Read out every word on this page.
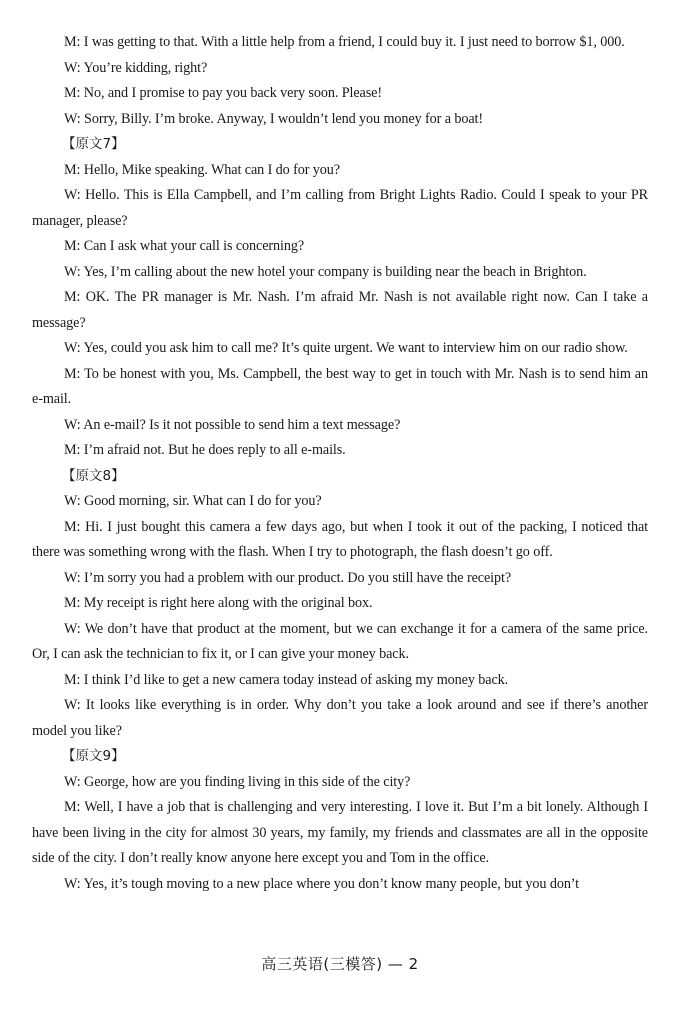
M: I was getting to that. With a little help from a friend, I could buy it. I just need to borrow $1, 000.

W: You’re kidding, right?

M: No, and I promise to pay you back very soon. Please!

W: Sorry, Billy. I’m broke. Anyway, I wouldn’t lend you money for a boat!

【原文7】

M: Hello, Mike speaking. What can I do for you?

W: Hello. This is Ella Campbell, and I’m calling from Bright Lights Radio. Could I speak to your PR manager, please?

M: Can I ask what your call is concerning?

W: Yes, I’m calling about the new hotel your company is building near the beach in Brighton.

M: OK. The PR manager is Mr. Nash. I’m afraid Mr. Nash is not available right now. Can I take a message?

W: Yes, could you ask him to call me? It’s quite urgent. We want to interview him on our radio show.

M: To be honest with you, Ms. Campbell, the best way to get in touch with Mr. Nash is to send him an e-mail.

W: An e-mail? Is it not possible to send him a text message?

M: I’m afraid not. But he does reply to all e-mails.

【原文8】

W: Good morning, sir. What can I do for you?

M: Hi. I just bought this camera a few days ago, but when I took it out of the packing, I noticed that there was something wrong with the flash. When I try to photograph, the flash doesn’t go off.

W: I’m sorry you had a problem with our product. Do you still have the receipt?

M: My receipt is right here along with the original box.

W: We don’t have that product at the moment, but we can exchange it for a camera of the same price. Or, I can ask the technician to fix it, or I can give your money back.

M: I think I’d like to get a new camera today instead of asking my money back.

W: It looks like everything is in order. Why don’t you take a look around and see if there’s another model you like?

【原文9】

W: George, how are you finding living in this side of the city?

M: Well, I have a job that is challenging and very interesting. I love it. But I’m a bit lonely. Although I have been living in the city for almost 30 years, my family, my friends and classmates are all in the opposite side of the city. I don’t really know anyone here except you and Tom in the office.

W: Yes, it’s tough moving to a new place where you don’t know many people, but you don’t

高三英语(三模答) — 2
